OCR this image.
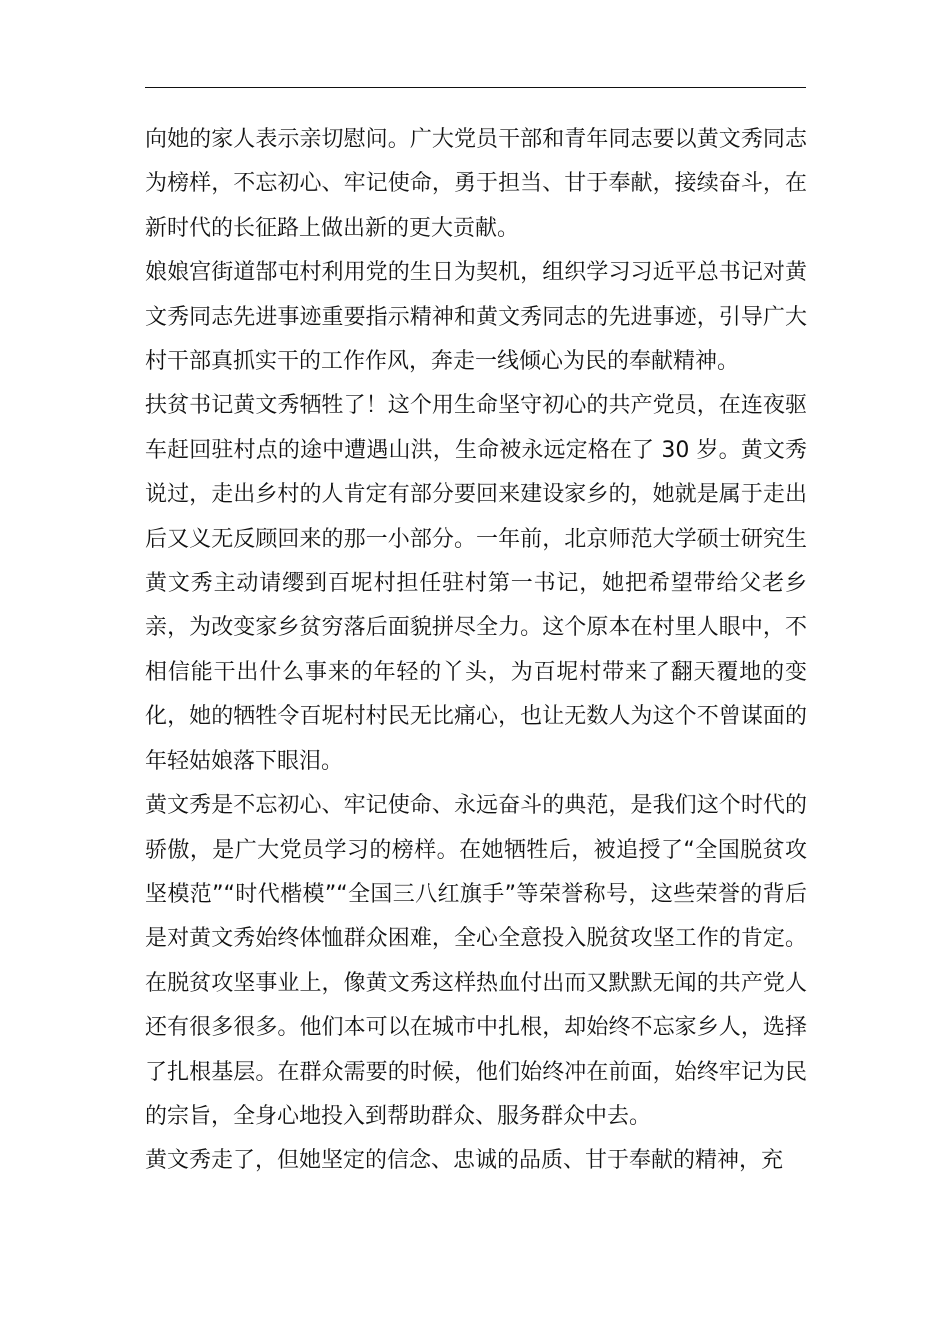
向她的家人表示亲切慰问。广大党员干部和青年同志要以黄文秀同志为榜样，不忘初心、牢记使命，勇于担当、甘于奉献，接续奋斗，在新时代的长征路上做出新的更大贡献。

娘娘宫街道郜屯村利用党的生日为契机，组织学习习近平总书记对黄文秀同志先进事迹重要指示精神和黄文秀同志的先进事迹，引导广大村干部真抓实干的工作作风，奔走一线倾心为民的奉献精神。

扶贫书记黄文秀牺牲了！这个用生命坚守初心的共产党员，在连夜驱车赶回驻村点的途中遭遇山洪，生命被永远定格在了 30 岁。黄文秀说过，走出乡村的人肯定有部分要回来建设家乡的，她就是属于走出后又义无反顾回来的那一小部分。一年前，北京师范大学硕士研究生黄文秀主动请缨到百坭村担任驻村第一书记，她把希望带给父老乡亲，为改变家乡贫穷落后面貌拼尽全力。这个原本在村里人眼中，不相信能干出什么事来的年轻的丫头，为百坭村带来了翻天覆地的变化，她的牺牲令百坭村村民无比痛心，也让无数人为这个不曾谋面的年轻姑娘落下眼泪。

黄文秀是不忘初心、牢记使命、永远奋斗的典范，是我们这个时代的骄傲，是广大党员学习的榜样。在她牺牲后，被追授了“全国脱贫攻坚模范”“时代楷模”“全国三八红旗手”等荣誉称号，这些荣誉的背后是对黄文秀始终体恤群众困难，全心全意投入脱贫攻坚工作的肯定。在脱贫攻坚事业上，像黄文秀这样热血付出而又默默无闻的共产党人还有很多很多。他们本可以在城市中扎根，却始终不忘家乡人，选择了扎根基层。在群众需要的时候，他们始终冲在前面，始终牢记为民的宗旨，全身心地投入到帮助群众、服务群众中去。

黄文秀走了，但她坚定的信念、忠诚的品质、甘于奉献的精神，充
